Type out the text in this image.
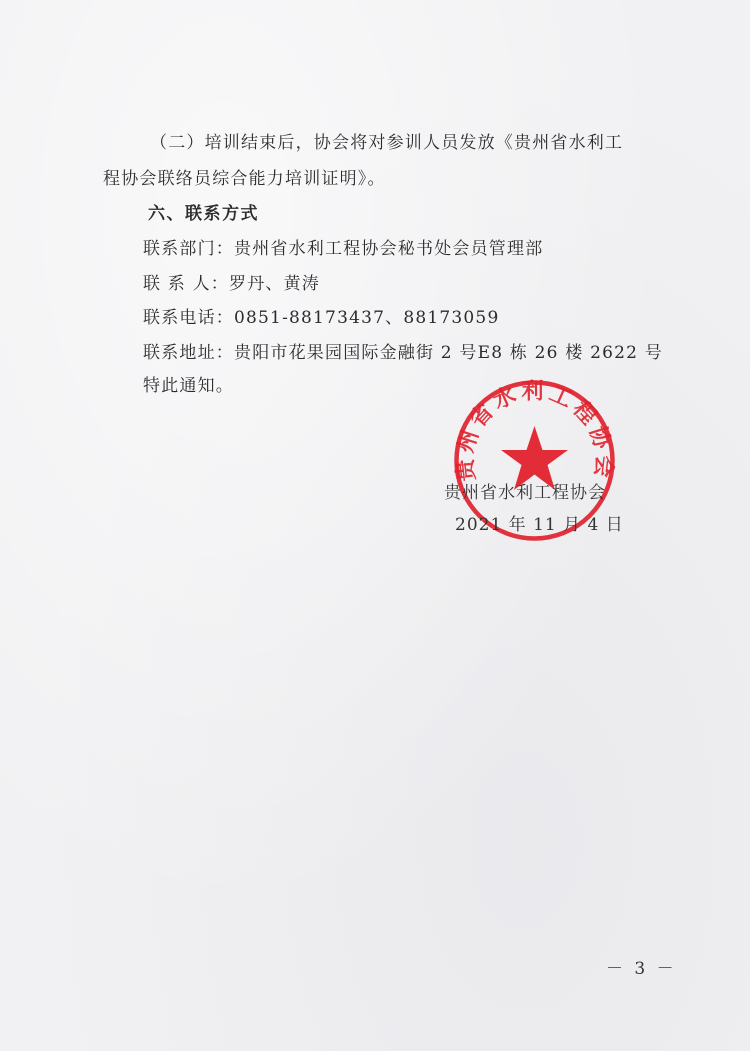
（二）培训结束后，协会将对参训人员发放《贵州省水利工
程协会联络员综合能力培训证明》。
六、联系方式
联系部门：贵州省水利工程协会秘书处会员管理部
联 系 人：罗丹、黄涛
联系电话：0851-88173437、88173059
联系地址：贵阳市花果园国际金融街 2 号E8 栋 26 楼 2622 号
特此通知。
贵州省水利工程协会
贵州省水利工程协会
2021 年 11 月 4 日
－ 3 －
